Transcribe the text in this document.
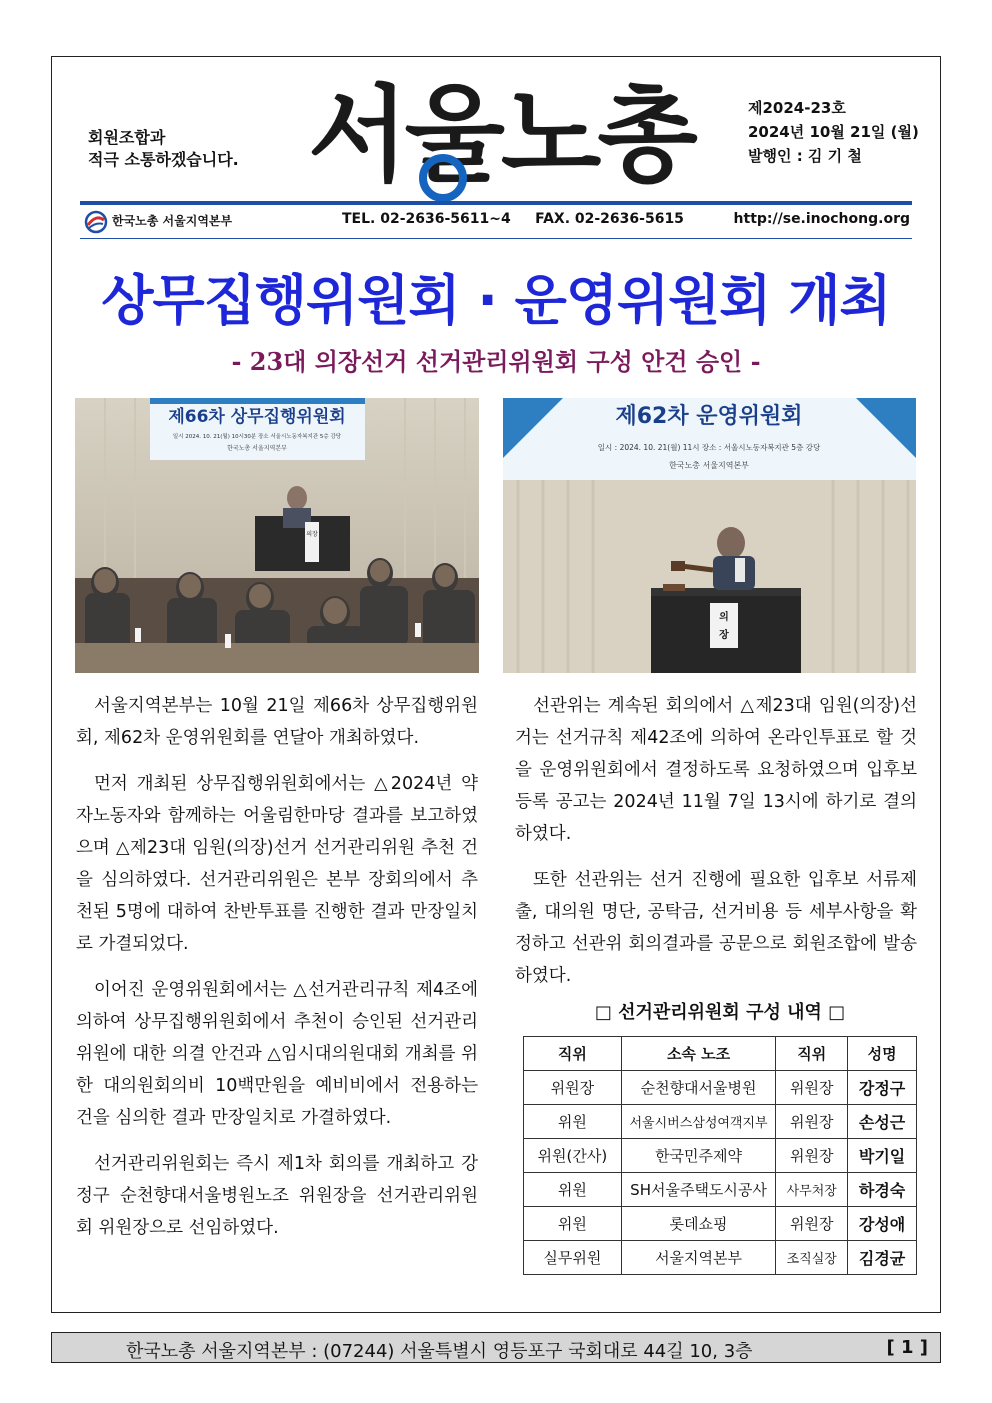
회원조합과
적극 소통하겠습니다. 서울노총	제2024-23호
2024년 10월 21일 (월)
발행인 : 김 기 철
한국노총 서울지역본부	TEL. 02-2636-5611~4 FAX. 02-2636-5615	http://se.inochong.org
상무집행위원회 · 운영위원회 개최
- 23대 의장선거 선거관리위원회 구성 안건 승인 -
제66차 상무집행위원회
일시 2024. 10. 21(월) 10시30분 장소 서울시노동자복지관 5층 강당
한국노총 서울지역본부
의장
제62차 운영위원회
일시 : 2024. 10. 21(월) 11시 장소 : 서울시노동자복지관 5층 강당
한국노총 서울지역본부
의
장

서울지역본부는 10월 21일 제66차 상무집행위원회, 제62차 운영위원회를 연달아 개최하였다.

먼저 개최된 상무집행위원회에서는 △2024년 약자노동자와 함께하는 어울림한마당 결과를 보고하였으며 △제23대 임원(의장)선거 선거관리위원 추천 건을 심의하였다. 선거관리위원은 본부 장회의에서 추천된 5명에 대하여 찬반투표를 진행한 결과 만장일치로 가결되었다.

이어진 운영위원회에서는 △선거관리규칙 제4조에 의하여 상무집행위원회에서 추천이 승인된 선거관리위원에 대한 의결 안건과 △임시대의원대회 개최를 위한 대의원회의비 10백만원을 예비비에서 전용하는 건을 심의한 결과 만장일치로 가결하였다.

선거관리위원회는 즉시 제1차 회의를 개최하고 강정구 순천향대서울병원노조 위원장을 선거관리위원회 위원장으로 선임하였다.

선관위는 계속된 회의에서 △제23대 임원(의장)선거는 선거규칙 제42조에 의하여 온라인투표로 할 것을 운영위원회에서 결정하도록 요청하였으며 입후보등록 공고는 2024년 11월 7일 13시에 하기로 결의하였다.

또한 선관위는 선거 진행에 필요한 입후보 서류제출, 대의원 명단, 공탁금, 선거비용 등 세부사항을 확정하고 선관위 회의결과를 공문으로 회원조합에 발송하였다.

□ 선거관리위원회 구성 내역 □
직위	소속 노조	직위	성명
위원장	순천향대서울병원	위원장	강정구
위원	서울시버스삼성여객지부	위원장	손성근
위원(간사)	한국민주제약	위원장	박기일
위원	SH서울주택도시공사	사무처장	하경숙
위원	롯데쇼핑	위원장	강성애
실무위원	서울지역본부	조직실장	김경균
한국노총 서울지역본부 : (07244) 서울특별시 영등포구 국회대로 44길 10, 3층	[ 1 ]
